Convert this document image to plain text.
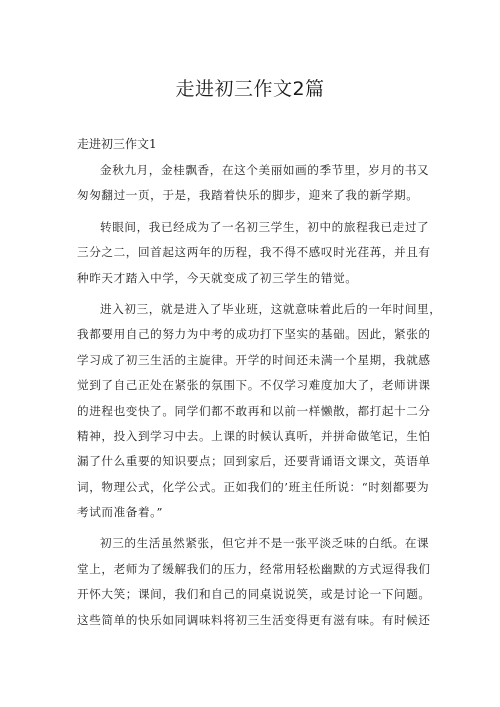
走进初三作文2篇
走进初三作文1
金秋九月，金桂飘香，在这个美丽如画的季节里，岁月的书又
匆匆翻过一页，于是，我踏着快乐的脚步，迎来了我的新学期。
转眼间，我已经成为了一名初三学生，初中的旅程我已走过了
三分之二，回首起这两年的历程，我不得不感叹时光荏苒，并且有
种昨天才踏入中学，今天就变成了初三学生的错觉。
进入初三，就是进入了毕业班，这就意味着此后的一年时间里，
我都要用自己的努力为中考的成功打下坚实的基础。因此，紧张的
学习成了初三生活的主旋律。开学的时间还未满一个星期，我就感
觉到了自己正处在紧张的氛围下。不仅学习难度加大了，老师讲课
的进程也变快了。同学们都不敢再和以前一样懒散，都打起十二分
精神，投入到学习中去。上课的时候认真听，并拼命做笔记，生怕
漏了什么重要的知识要点；回到家后，还要背诵语文课文，英语单
词，物理公式，化学公式。正如我们的’班主任所说：“时刻都要为
考试而准备着。”
初三的生活虽然紧张，但它并不是一张平淡乏味的白纸。在课
堂上，老师为了缓解我们的压力，经常用轻松幽默的方式逗得我们
开怀大笑；课间，我们和自己的同桌说说笑，或是讨论一下问题。
这些简单的快乐如同调味料将初三生活变得更有滋有味。有时候还
